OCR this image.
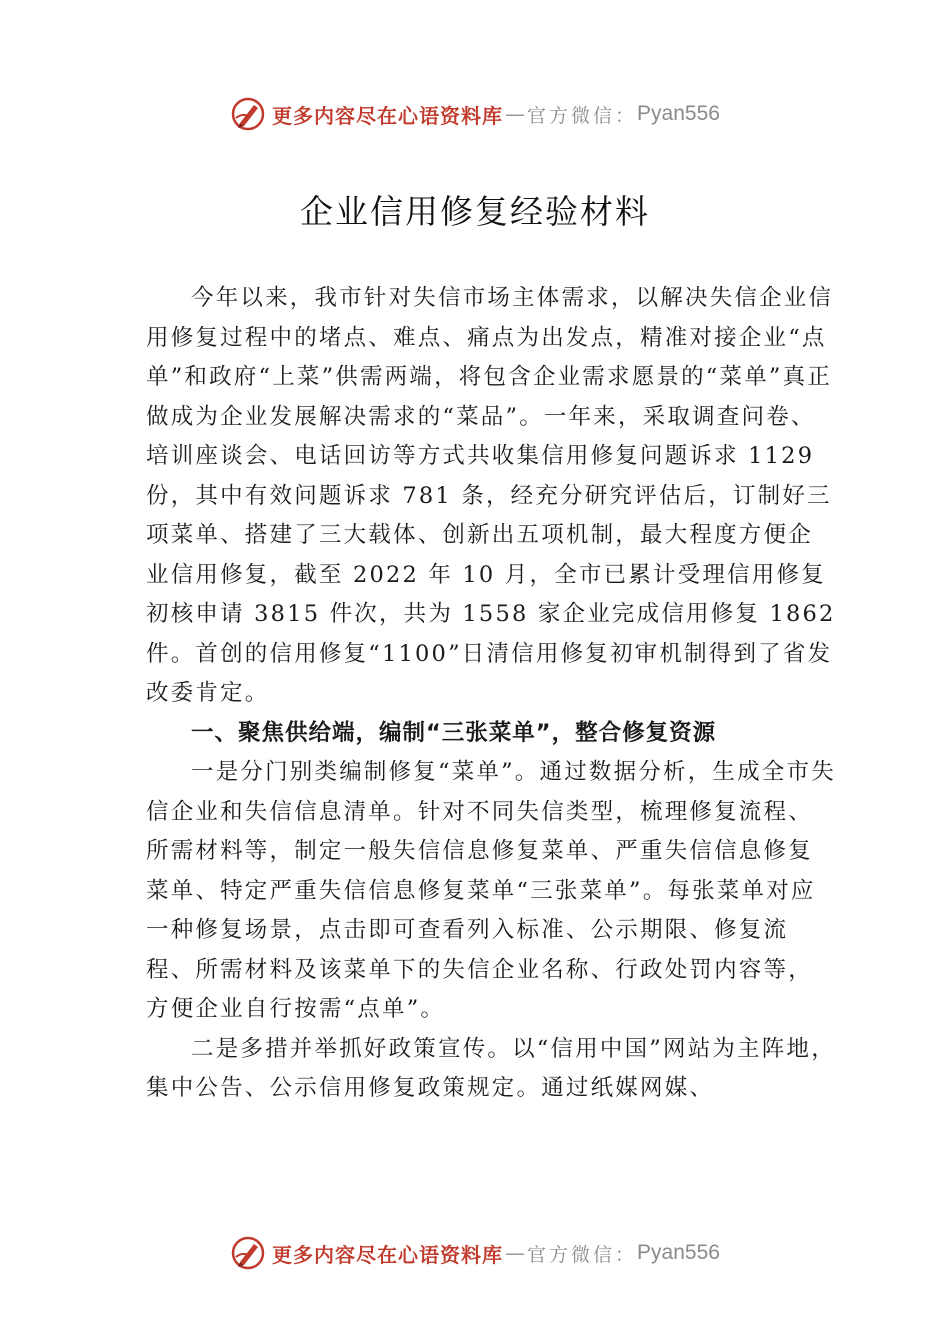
更多内容尽在心语资料库 — 官方微信： Pyan556
企业信用修复经验材料

今年以来，我市针对失信市场主体需求，以解决失信企业信用修复过程中的堵点、难点、痛点为出发点，精准对接企业“点单”和政府“上菜”供需两端，将包含企业需求愿景的“菜单”真正做成为企业发展解决需求的“菜品”。一年来，采取调查问卷、培训座谈会、电话回访等方式共收集信用修复问题诉求 1129 份，其中有效问题诉求 781 条，经充分研究评估后，订制好三项菜单、搭建了三大载体、创新出五项机制，最大程度方便企业信用修复，截至 2022 年 10 月，全市已累计受理信用修复初核申请 3815 件次，共为 1558 家企业完成信用修复 1862 件。首创的信用修复“1100”日清信用修复初审机制得到了省发改委肯定。

一、聚焦供给端，编制“三张菜单”，整合修复资源

一是分门别类编制修复“菜单”。通过数据分析，生成全市失信企业和失信信息清单。针对不同失信类型，梳理修复流程、所需材料等，制定一般失信信息修复菜单、严重失信信息修复菜单、特定严重失信信息修复菜单“三张菜单”。每张菜单对应一种修复场景，点击即可查看列入标准、公示期限、修复流程、所需材料及该菜单下的失信企业名称、行政处罚内容等，方便企业自行按需“点单”。

二是多措并举抓好政策宣传。以“信用中国”网站为主阵地，集中公告、公示信用修复政策规定。通过纸媒网媒、

更多内容尽在心语资料库 — 官方微信： Pyan556
